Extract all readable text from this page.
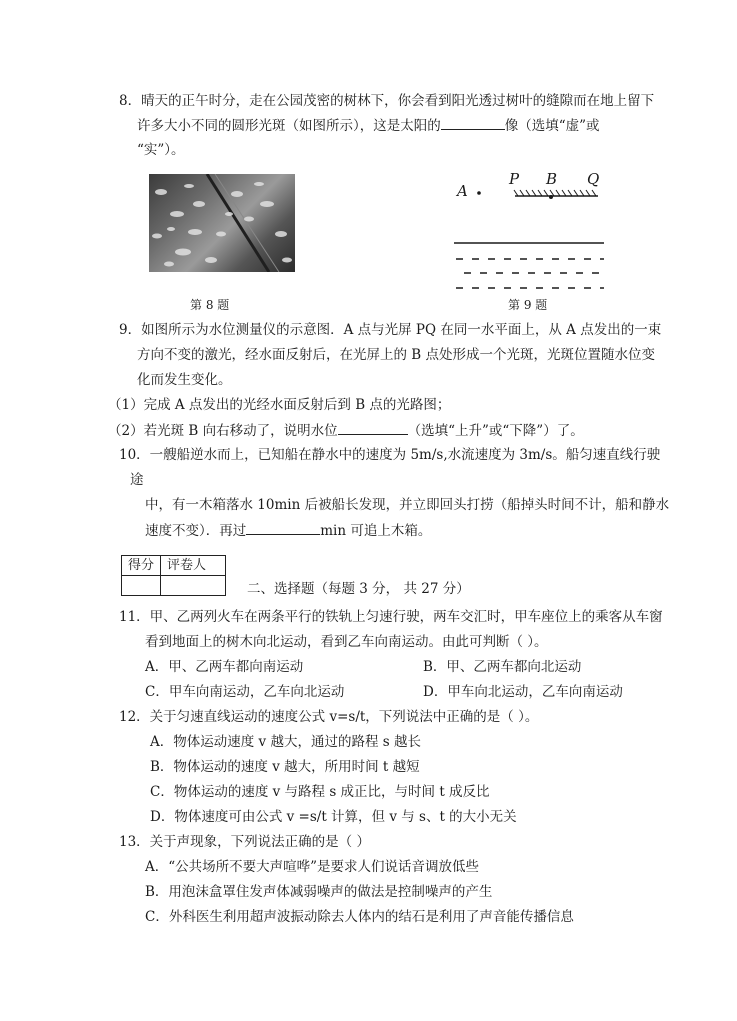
8．晴天的正午时分，走在公园茂密的树林下，你会看到阳光透过树叶的缝隙而在地上留下
许多大小不同的圆形光斑（如图所示），这是太阳的	像（选填“虚”或
“实”）。
第 8 题
A
P B Q
第 9 题
9．如图所示为水位测量仪的示意图．A 点与光屏 PQ 在同一水平面上，从 A 点发出的一束
方向不变的激光，经水面反射后，在光屏上的 B 点处形成一个光斑，光斑位置随水位变
化而发生变化。
（1）完成 A 点发出的光经水面反射后到 B 点的光路图；
（2）若光斑 B 向右移动了，说明水位	（选填“上升”或“下降”）了。
10．一艘船逆水而上，已知船在静水中的速度为 5m/s,水流速度为 3m/s。船匀速直线行驶
途
中，有一木箱落水 10min 后被船长发现，并立即回头打捞（船掉头时间不计，船和静水
速度不变）．再过	min 可追上木箱。
得分	评卷人

二、选择题（每题 3 分， 共 27 分）
11．甲、乙两列火车在两条平行的铁轨上匀速行驶，两车交汇时，甲车座位上的乘客从车窗
看到地面上的树木向北运动，看到乙车向南运动。由此可判断（ ）。
A．甲、乙两车都向南运动	B．甲、乙两车都向北运动
C．甲车向南运动，乙车向北运动	D．甲车向北运动，乙车向南运动
12．关于匀速直线运动的速度公式 v=s/t，下列说法中正确的是（ ）。
A．物体运动速度 v 越大，通过的路程 s 越长
B．物体运动的速度 v 越大，所用时间 t 越短
C．物体运动的速度 v 与路程 s 成正比，与时间 t 成反比
D．物体速度可由公式 v =s/t 计算，但 v 与 s、t 的大小无关
13．关于声现象，下列说法正确的是（ ）
A．“公共场所不要大声喧哗”是要求人们说话音调放低些
B．用泡沫盒罩住发声体减弱噪声的做法是控制噪声的产生
C．外科医生利用超声波振动除去人体内的结石是利用了声音能传播信息
